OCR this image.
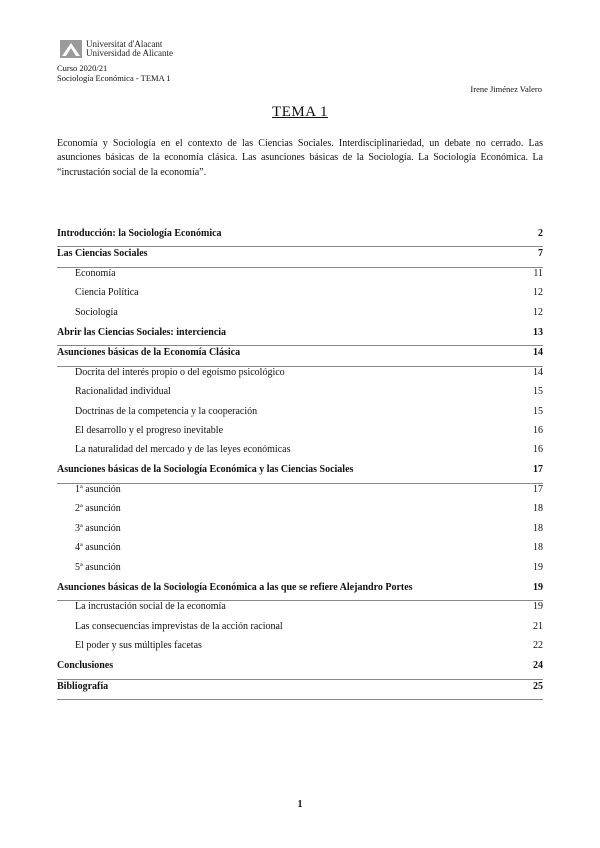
Universitat d'Alacant
Universidad de Alicante
Curso 2020/21
Sociología Económica - TEMA 1
Irene Jiménez Valero
TEMA 1
Economía y Sociología en el contexto de las Ciencias Sociales. Interdisciplinariedad, un debate no cerrado. Las asunciones básicas de la economía clásica. Las asunciones básicas de la Sociología. La Sociología Económica. La “incrustación social de la economía”.
Introducción: la Sociología Económica	2
Las Ciencias Sociales	7
Economía	11
Ciencia Política	12
Sociología	12
Abrir las Ciencias Sociales: interciencia	13
Asunciones básicas de la Economía Clásica	14
Docrita del interés propio o del egoísmo psicológico	14
Racionalidad individual	15
Doctrinas de la competencia y la cooperación	15
El desarrollo y el progreso inevitable	16
La naturalidad del mercado y de las leyes económicas	16
Asunciones básicas de la Sociología Económica y las Ciencias Sociales	17
1ª asunción	17
2ª asunción	18
3ª asunción	18
4ª asunción	18
5ª asunción	19
Asunciones básicas de la Sociología Económica a las que se refiere Alejandro Portes	19
La incrustación social de la economía	19
Las consecuencias imprevistas de la acción racional	21
El poder y sus múltiples facetas	22
Conclusiones	24
Bibliografía	25
1
